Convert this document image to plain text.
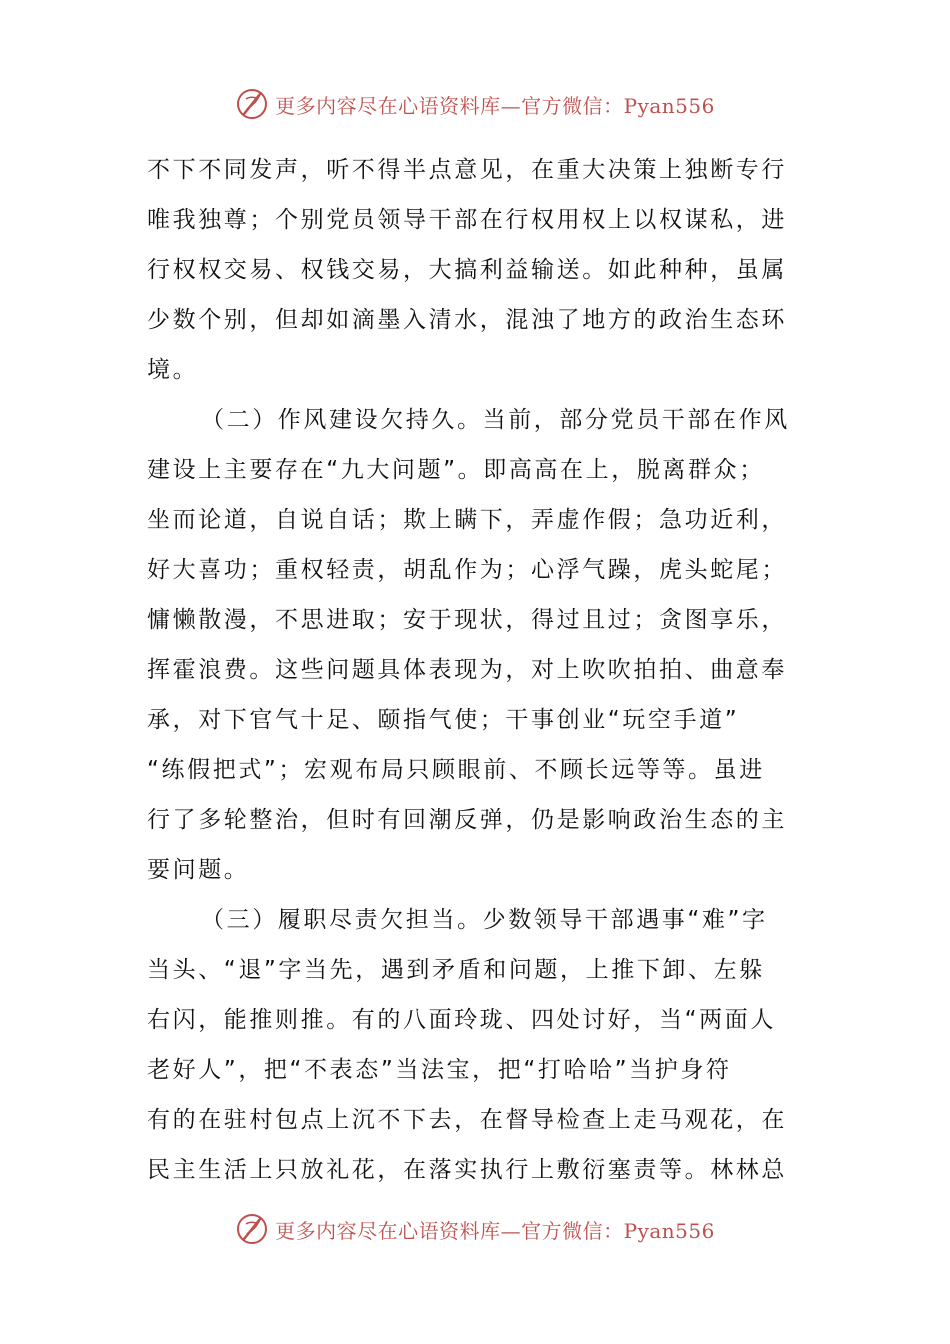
更多内容尽在心语资料库—官方微信：Pyan556
不下不同发声，听不得半点意见，在重大决策上独断专行
唯我独尊；个别党员领导干部在行权用权上以权谋私，进
行权权交易、权钱交易，大搞利益输送。如此种种，虽属
少数个别，但却如滴墨入清水，混浊了地方的政治生态环
境。
（二）作风建设欠持久。当前，部分党员干部在作风
建设上主要存在“九大问题”。即高高在上，脱离群众；
坐而论道，自说自话；欺上瞒下，弄虚作假；急功近利，
好大喜功；重权轻责，胡乱作为；心浮气躁，虎头蛇尾；
慵懒散漫，不思进取；安于现状，得过且过；贪图享乐，
挥霍浪费。这些问题具体表现为，对上吹吹拍拍、曲意奉
承，对下官气十足、颐指气使；干事创业“玩空手道”
“练假把式”；宏观布局只顾眼前、不顾长远等等。虽进
行了多轮整治，但时有回潮反弹，仍是影响政治生态的主
要问题。
（三）履职尽责欠担当。少数领导干部遇事“难”字
当头、“退”字当先，遇到矛盾和问题，上推下卸、左躲
右闪，能推则推。有的八面玲珑、四处讨好，当“两面人
老好人”，把“不表态”当法宝，把“打哈哈”当护身符
有的在驻村包点上沉不下去，在督导检查上走马观花，在
民主生活上只放礼花，在落实执行上敷衍塞责等。林林总
更多内容尽在心语资料库—官方微信：Pyan556
